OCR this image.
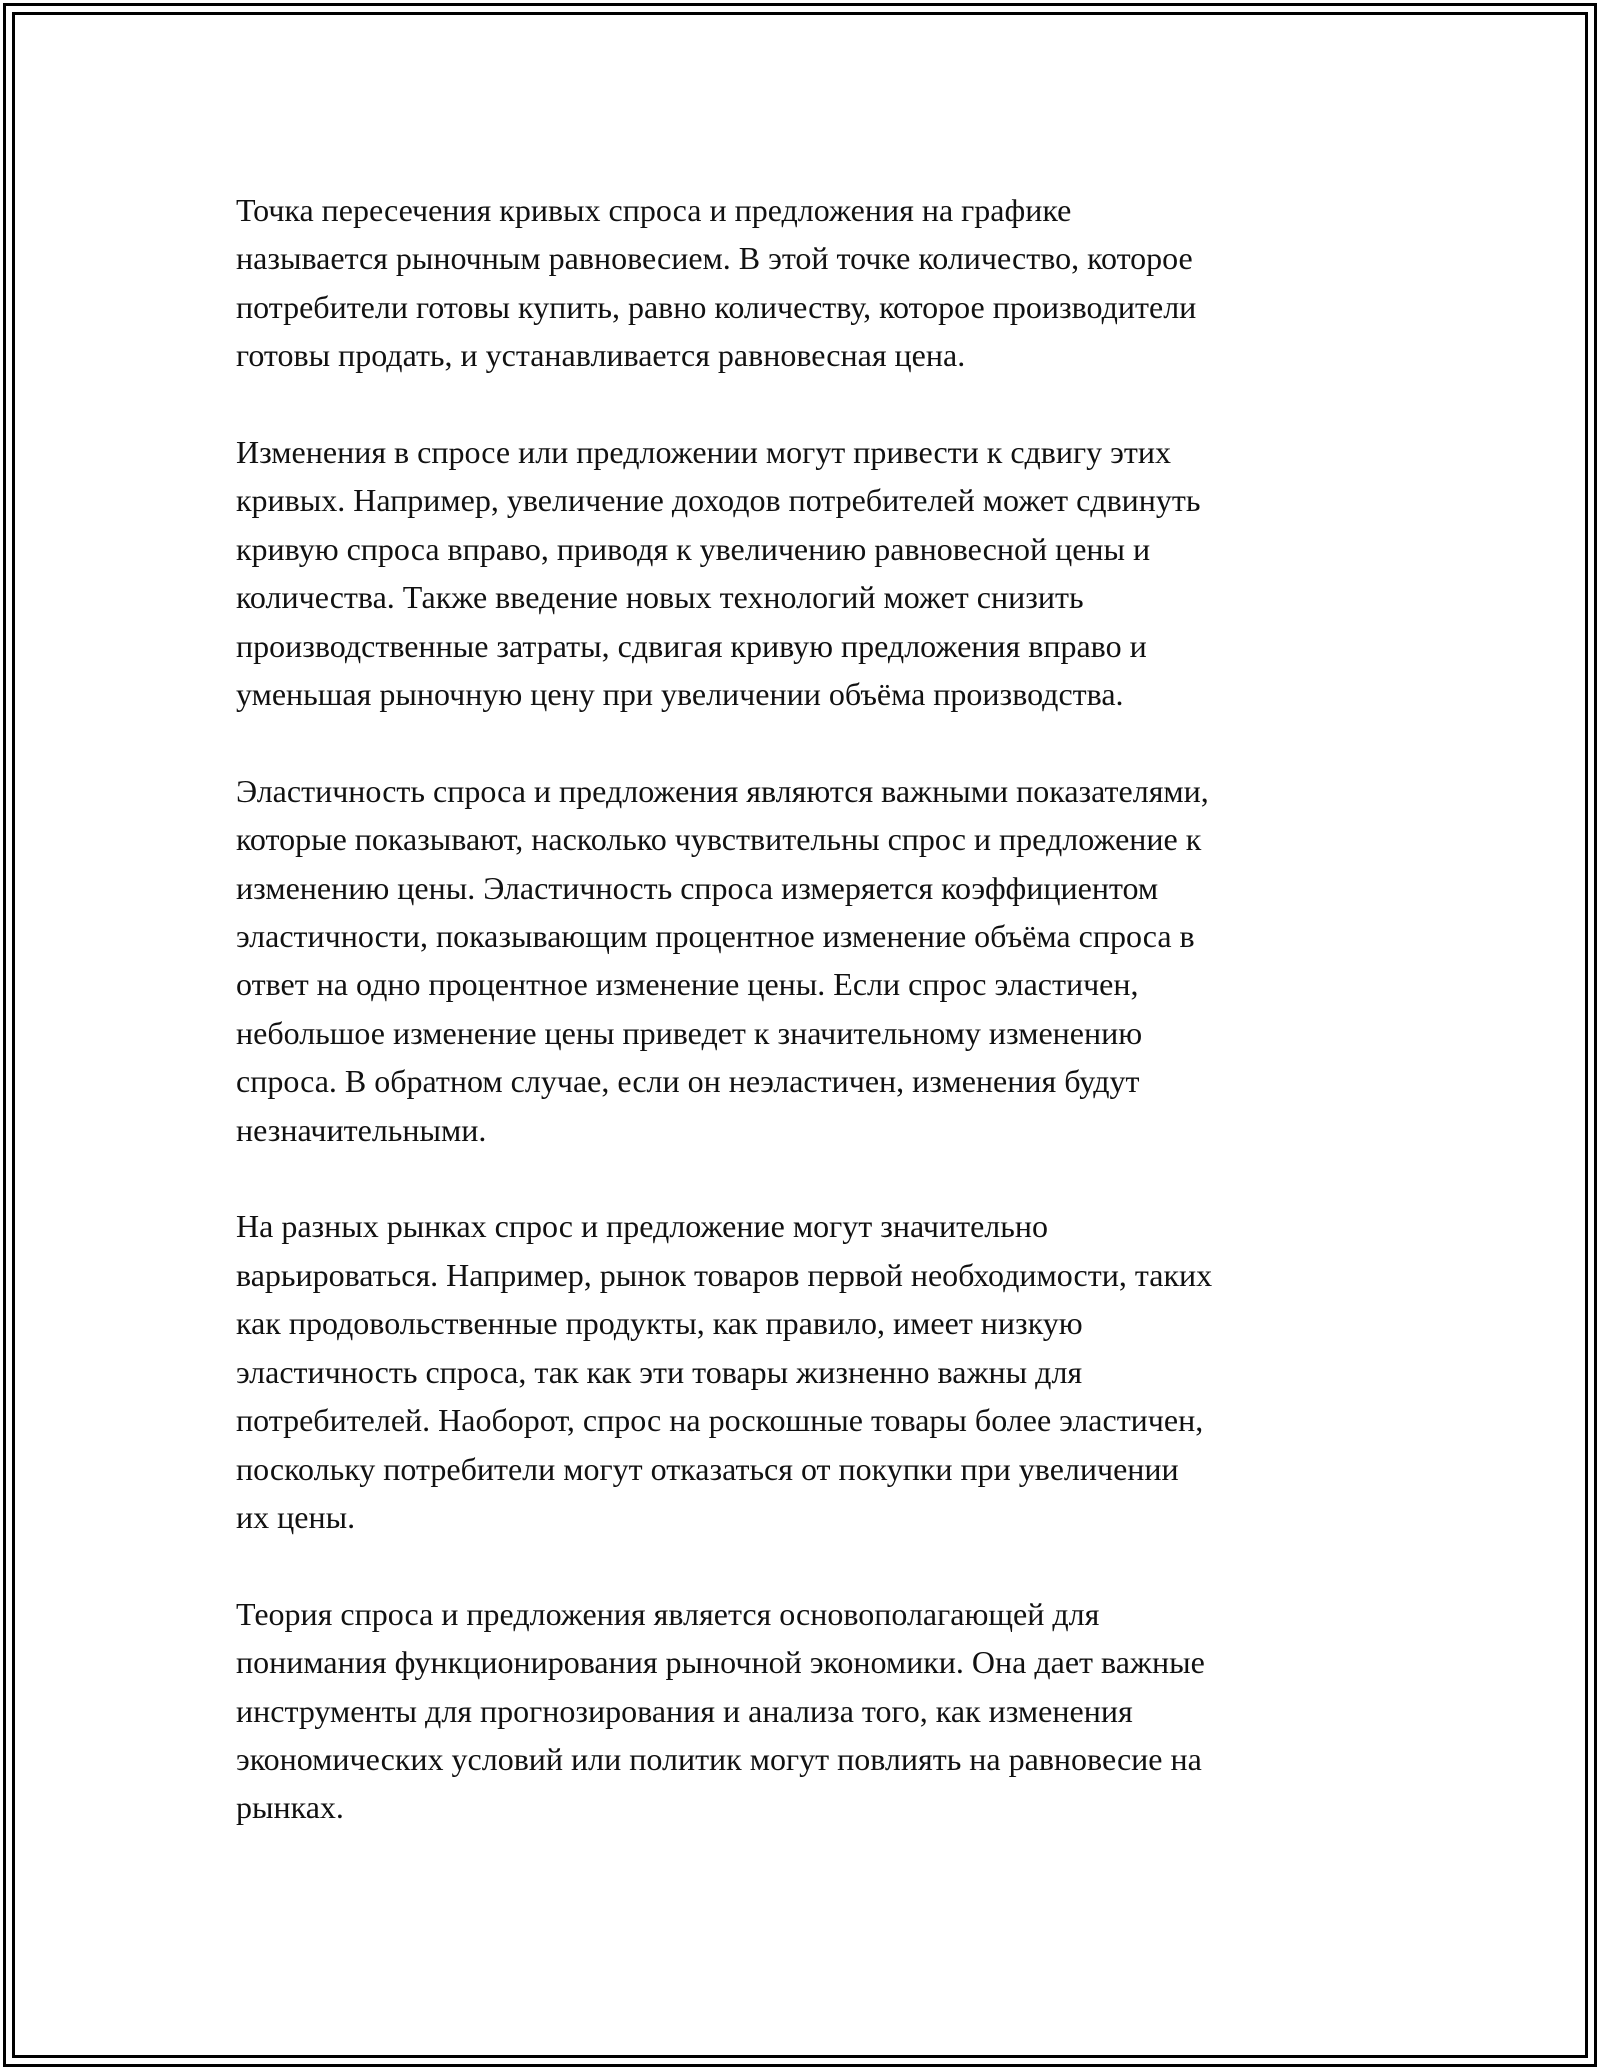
Точка пересечения кривых спроса и предложения на графике
называется рыночным равновесием. В этой точке количество, которое
потребители готовы купить, равно количеству, которое производители
готовы продать, и устанавливается равновесная цена.

Изменения в спросе или предложении могут привести к сдвигу этих
кривых. Например, увеличение доходов потребителей может сдвинуть
кривую спроса вправо, приводя к увеличению равновесной цены и
количества. Также введение новых технологий может снизить
производственные затраты, сдвигая кривую предложения вправо и
уменьшая рыночную цену при увеличении объёма производства.

Эластичность спроса и предложения являются важными показателями,
которые показывают, насколько чувствительны спрос и предложение к
изменению цены. Эластичность спроса измеряется коэффициентом
эластичности, показывающим процентное изменение объёма спроса в
ответ на одно процентное изменение цены. Если спрос эластичен,
небольшое изменение цены приведет к значительному изменению
спроса. В обратном случае, если он неэластичен, изменения будут
незначительными.

На разных рынках спрос и предложение могут значительно
варьироваться. Например, рынок товаров первой необходимости, таких
как продовольственные продукты, как правило, имеет низкую
эластичность спроса, так как эти товары жизненно важны для
потребителей. Наоборот, спрос на роскошные товары более эластичен,
поскольку потребители могут отказаться от покупки при увеличении
их цены.

Теория спроса и предложения является основополагающей для
понимания функционирования рыночной экономики. Она дает важные
инструменты для прогнозирования и анализа того, как изменения
экономических условий или политик могут повлиять на равновесие на
рынках.
